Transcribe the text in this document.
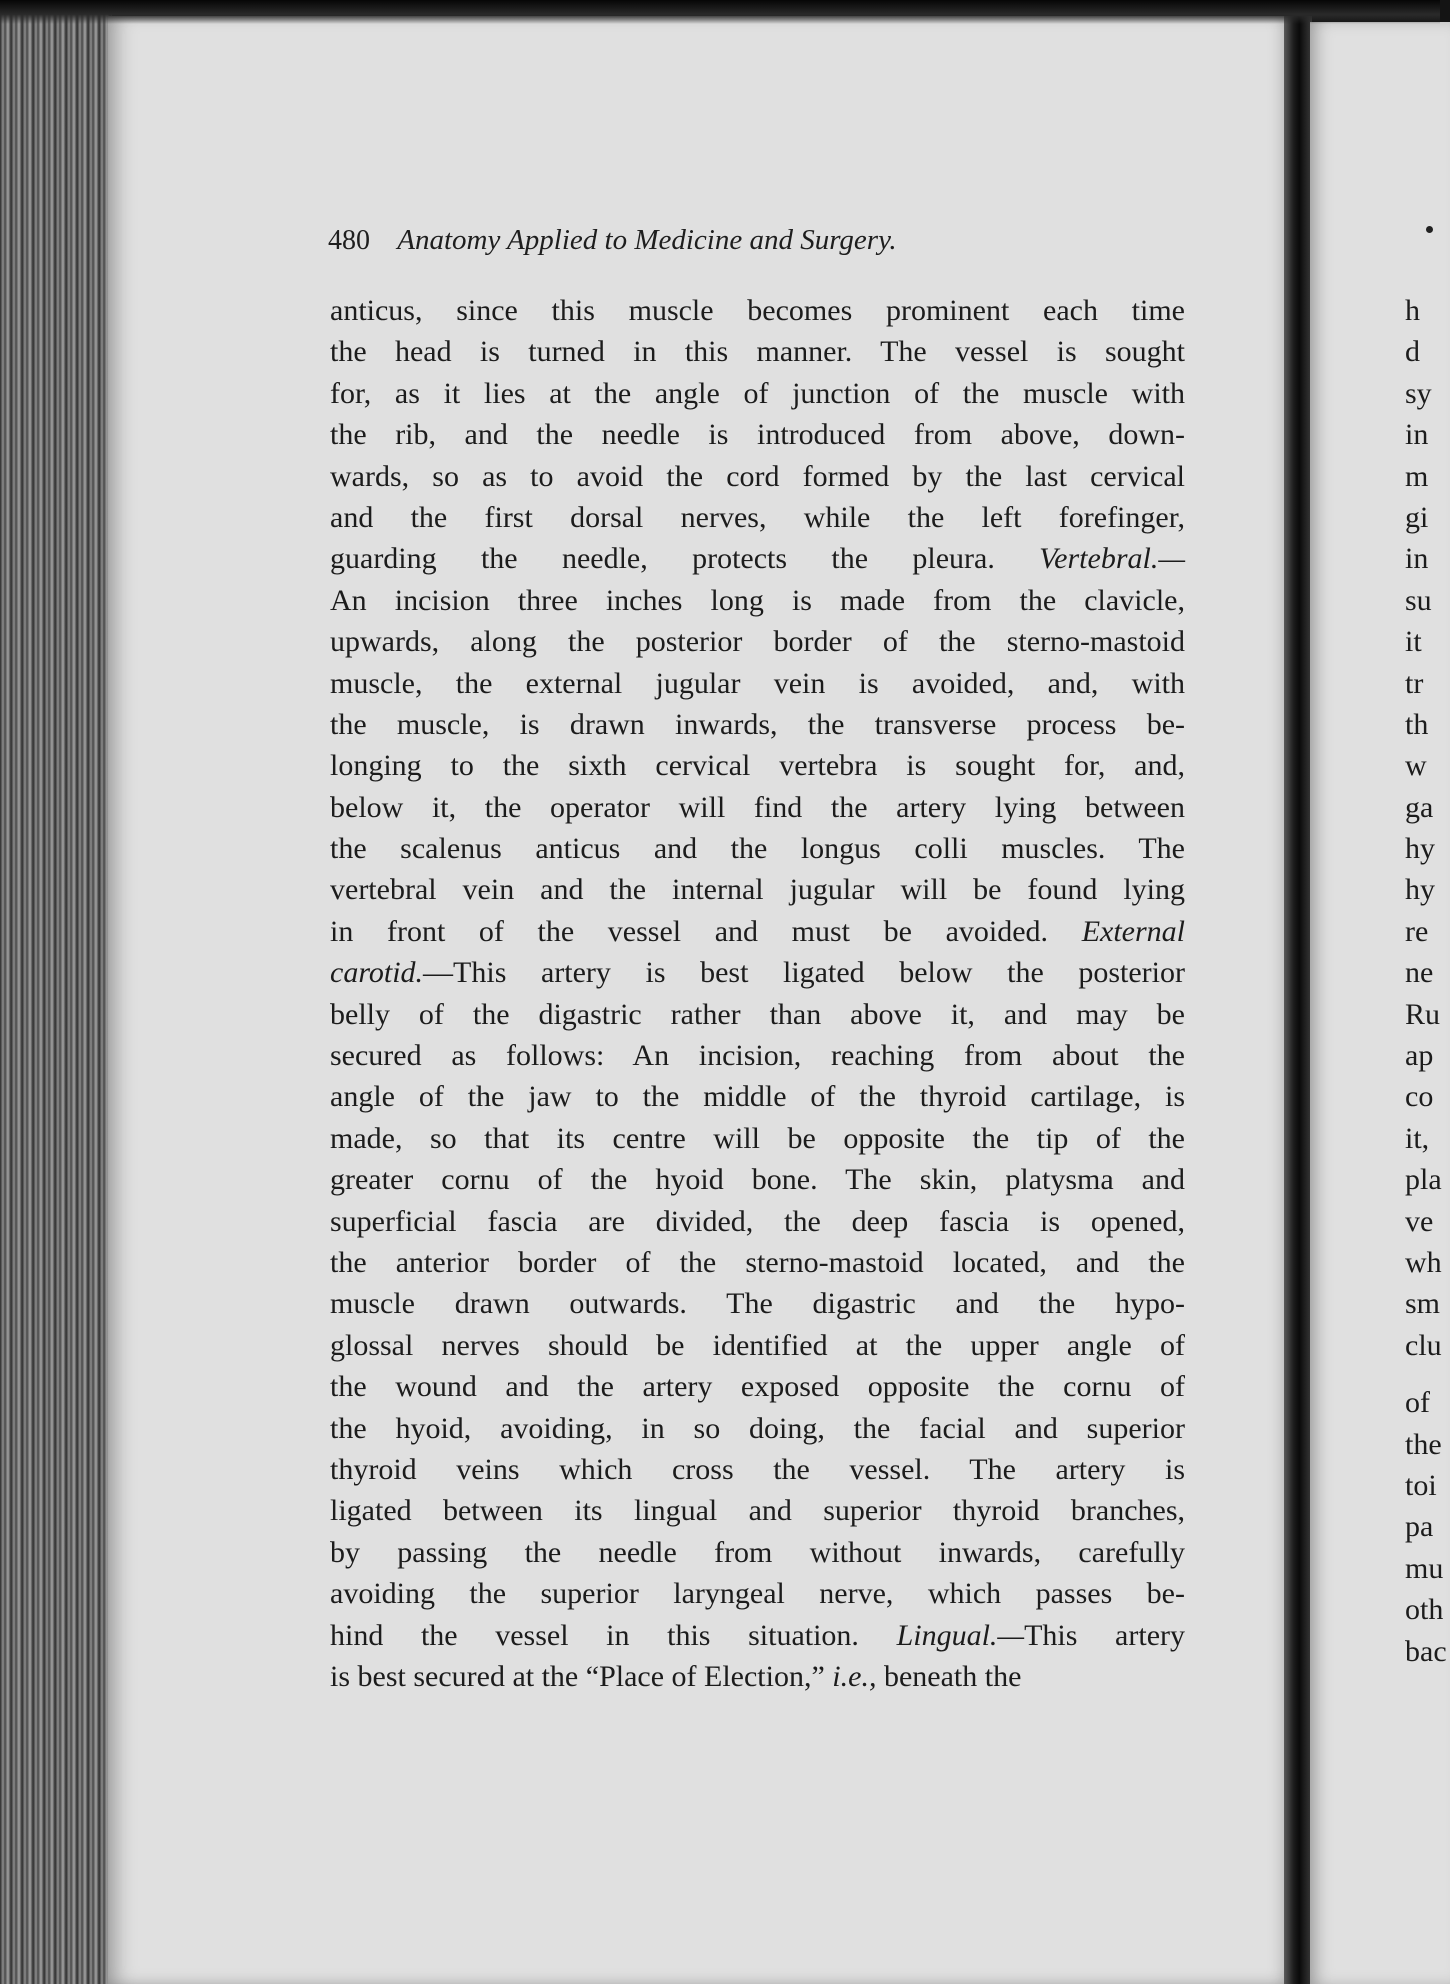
480 Anatomy Applied to Medicine and Surgery.
anticus, since this muscle becomes prominent each time
the head is turned in this manner. The vessel is sought
for, as it lies at the angle of junction of the muscle with
the rib, and the needle is introduced from above, down-
wards, so as to avoid the cord formed by the last cervical
and the first dorsal nerves, while the left forefinger,
guarding the needle, protects the pleura. Vertebral.—
An incision three inches long is made from the clavicle,
upwards, along the posterior border of the sterno-mastoid
muscle, the external jugular vein is avoided, and, with
the muscle, is drawn inwards, the transverse process be-
longing to the sixth cervical vertebra is sought for, and,
below it, the operator will find the artery lying between
the scalenus anticus and the longus colli muscles. The
vertebral vein and the internal jugular will be found lying
in front of the vessel and must be avoided. External
carotid.—This artery is best ligated below the posterior
belly of the digastric rather than above it, and may be
secured as follows: An incision, reaching from about the
angle of the jaw to the middle of the thyroid cartilage, is
made, so that its centre will be opposite the tip of the
greater cornu of the hyoid bone. The skin, platysma and
superficial fascia are divided, the deep fascia is opened,
the anterior border of the sterno-mastoid located, and the
muscle drawn outwards. The digastric and the hypo-
glossal nerves should be identified at the upper angle of
the wound and the artery exposed opposite the cornu of
the hyoid, avoiding, in so doing, the facial and superior
thyroid veins which cross the vessel. The artery is
ligated between its lingual and superior thyroid branches,
by passing the needle from without inwards, carefully
avoiding the superior laryngeal nerve, which passes be-
hind the vessel in this situation. Lingual.—This artery
is best secured at the “Place of Election,” i.e., beneath the
h
d
sy
in
m
gi
in
su
it
tr
th
w
ga
hy
hy
re
ne
Ru
ap
co
it,
pla
ve
wh
sm
clu
of
the
toi
pa
mu
oth
bac
